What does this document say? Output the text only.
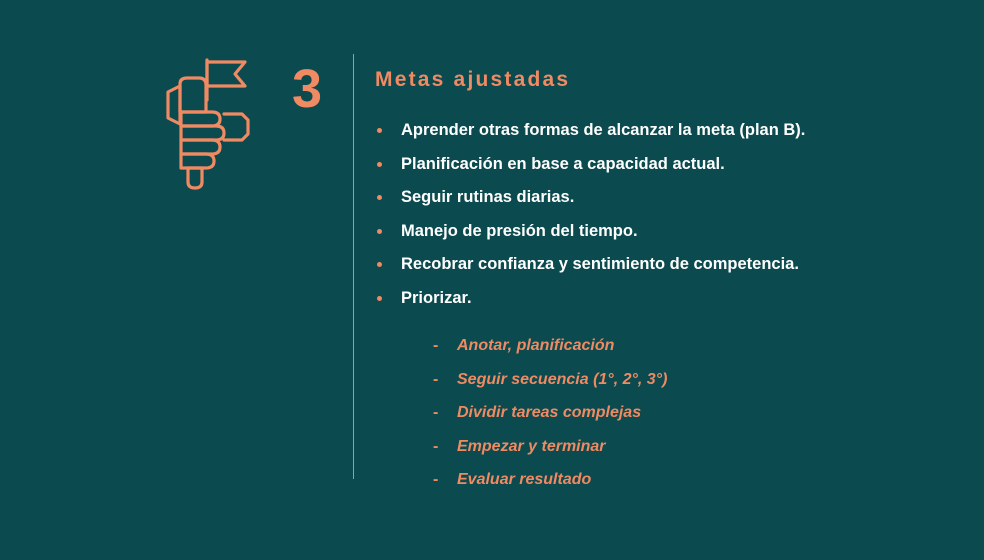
3	Metas ajustadas
Aprender otras formas de alcanzar la meta (plan B).
Planificación en base a capacidad actual.
Seguir rutinas diarias.
Manejo de presión del tiempo.
Recobrar confianza y sentimiento de competencia.
Priorizar.
- Anotar, planificación
- Seguir secuencia (1°, 2°, 3°)
- Dividir tareas complejas
- Empezar y terminar
- Evaluar resultado
